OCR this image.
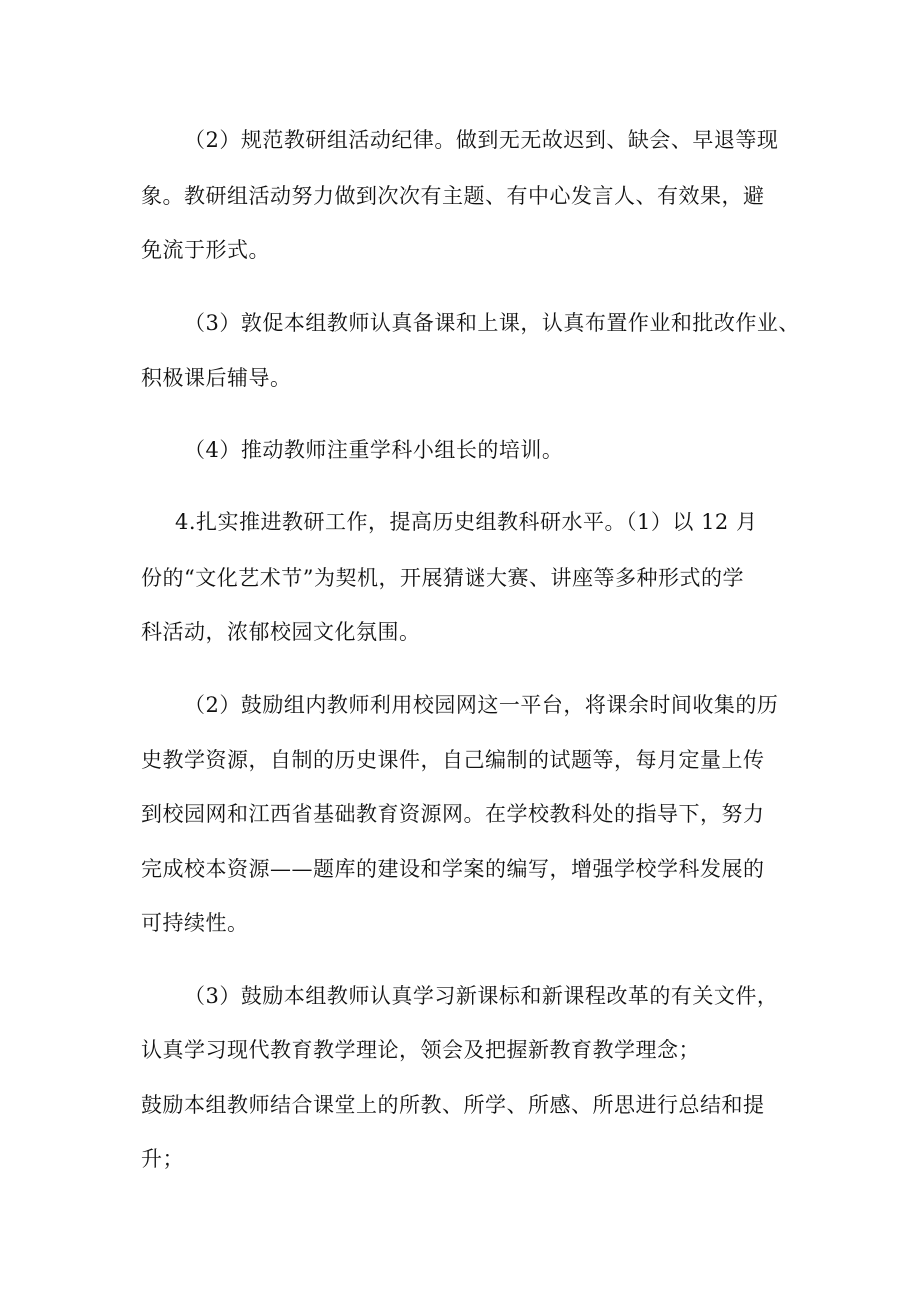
（2）规范教研组活动纪律。做到无无故迟到、缺会、早退等现
象。教研组活动努力做到次次有主题、有中心发言人、有效果，避
免流于形式。
（3）敦促本组教师认真备课和上课，认真布置作业和批改作业、
积极课后辅导。
（4）推动教师注重学科小组长的培训。
4.扎实推进教研工作，提高历史组教科研水平。（1）以 12 月
份的“文化艺术节”为契机，开展猜谜大赛、讲座等多种形式的学
科活动，浓郁校园文化氛围。
（2）鼓励组内教师利用校园网这一平台，将课余时间收集的历
史教学资源，自制的历史课件，自己编制的试题等，每月定量上传
到校园网和江西省基础教育资源网。在学校教科处的指导下，努力
完成校本资源——题库的建设和学案的编写，增强学校学科发展的
可持续性。
（3）鼓励本组教师认真学习新课标和新课程改革的有关文件，
认真学习现代教育教学理论，领会及把握新教育教学理念；
鼓励本组教师结合课堂上的所教、所学、所感、所思进行总结和提
升；
